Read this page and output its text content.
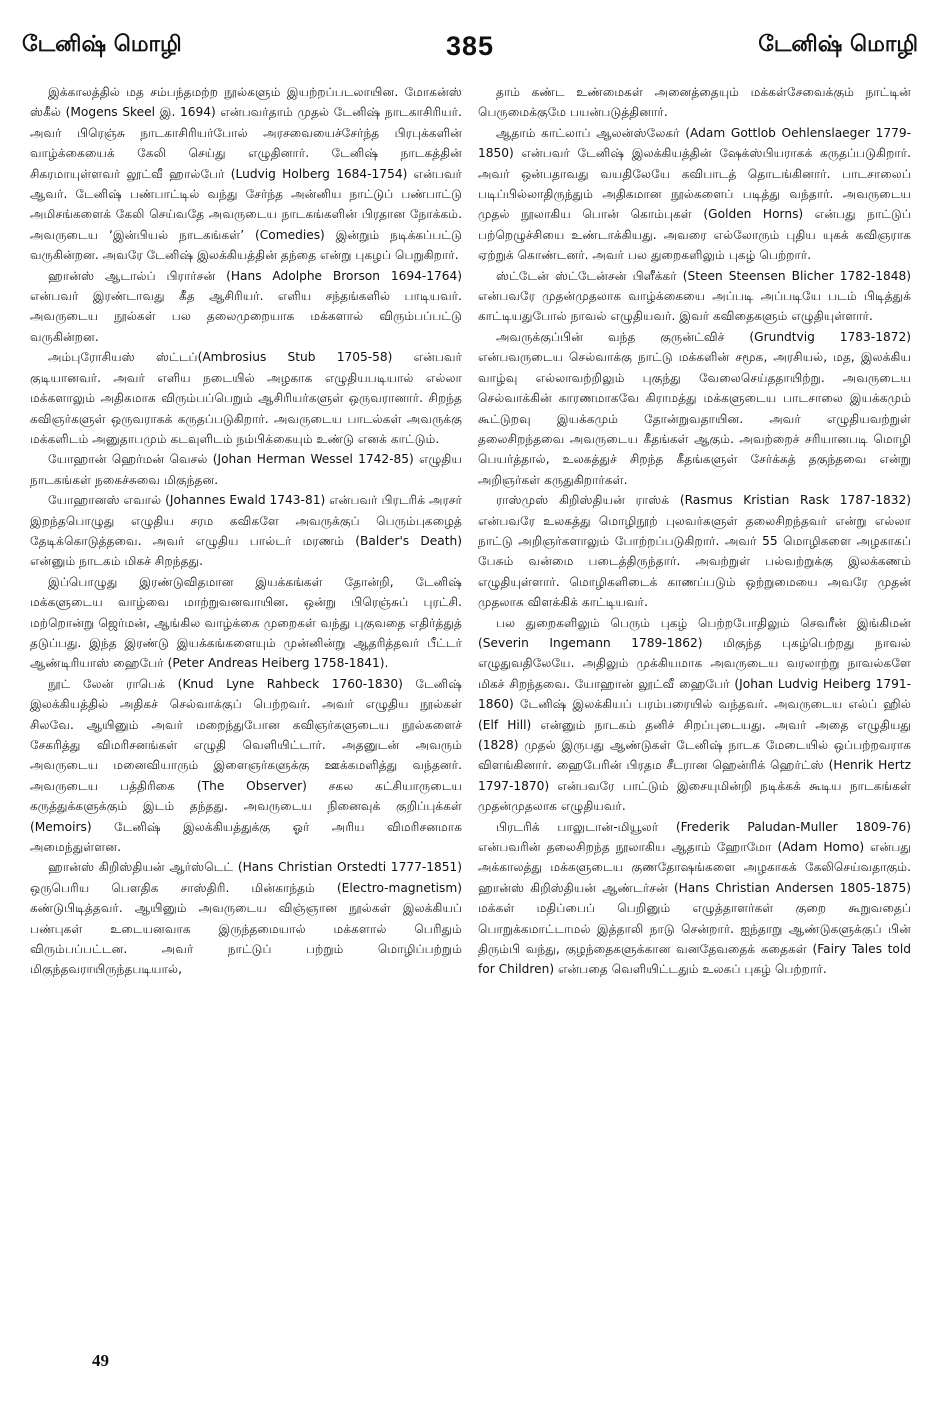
டேனிஷ் மொழி	385	டேனிஷ் மொழி

இக்காலத்தில் மத சம்பந்தமற்ற நூல்களும் இயற்றப்படலாயின. மோகன்ஸ் ஸ்கீல் (Mogens Skeel இ. 1694) என்பவர்தாம் முதல் டேனிஷ் நாடகாசிரியர். அவர் பிரெஞ்சு நாடகாசிரியர்போல் அரசவையைச்சேர்ந்த பிரபுக்களின் வாழ்க்கையைக் கேலி செய்து எழுதினார். டேனிஷ் நாடகத்தின் சிகரமாயுள்ளவர் லூட்வீ ஹால்பேர் (Ludvig Holberg 1684-1754) என்பவர் ஆவர். டேனிஷ் பண்பாட்டில் வந்து சேர்ந்த அன்னிய நாட்டுப் பண்பாட்டு அமிசங்களைக் கேலி செய்வதே அவருடைய நாடகங்களின் பிரதான நோக்கம். அவருடைய ‘இன்பியல் நாடகங்கள்’ (Comedies) இன்றும் நடிக்கப்பட்டு வருகின்றன. அவரே டேனிஷ் இலக்கியத்தின் தந்தை என்று புகழப் பெறுகிறார்.

ஹான்ஸ் ஆடால்ப் பிரார்சன் (Hans Adolphe Brorson 1694-1764) என்பவர் இரண்டாவது கீத ஆசிரியர். எளிய சந்தங்களில் பாடியவர். அவருடைய நூல்கள் பல தலைமுறையாக மக்களால் விரும்பப்பட்டு வருகின்றன.

அம்புரோசியஸ் ஸ்ட்டப்(Ambrosius Stub 1705-58) என்பவர் குடியானவர். அவர் எளிய நடையில் அழகாக எழுதியபடியால் எல்லா மக்களாலும் அதிகமாக விரும்பப்பெறும் ஆசிரியர்களுள் ஒருவரானார். சிறந்த கவிஞர்களுள் ஒருவராகக் கருதப்படுகிறார். அவருடைய பாடல்கள் அவருக்கு மக்களிடம் அனுதாபமும் கடவுளிடம் நம்பிக்கையும் உண்டு எனக் காட்டும்.

யோஹான் ஹெர்மன் வெசல் (Johan Herman Wessel 1742-85) எழுதிய நாடகங்கள் நகைச்சுவை மிகுந்தன.

யோஹானஸ் எவால் (Johannes Ewald 1743-81) என்பவர் பிரடரிக் அரசர் இறந்தபொழுது எழுதிய சரம கவிகளே அவருக்குப் பெரும்புகழைத் தேடிக்கொடுத்தவை. அவர் எழுதிய பால்டர் மரணம் (Balder's Death) என்னும் நாடகம் மிகச் சிறந்தது.

இப்பொழுது இரண்டுவிதமான இயக்கங்கள் தோன்றி, டேனிஷ் மக்களுடைய வாழ்வை மாற்றுவனவாயின. ஒன்று பிரெஞ்சுப் புரட்சி. மற்றொன்று ஜெர்மன், ஆங்கில வாழ்க்கை முறைகள் வந்து புகுவதை எதிர்த்துத் தடுப்பது. இந்த இரண்டு இயக்கங்களையும் முன்னின்று ஆதரித்தவர் பீட்டர் ஆண்டிரியாஸ் ஹைபேர் (Peter Andreas Heiberg 1758-1841).

நூட் லேன் ராபெக் (Knud Lyne Rahbeck 1760-1830) டேனிஷ் இலக்கியத்தில் அதிகச் செல்வாக்குப் பெற்றவர். அவர் எழுதிய நூல்கள் சிலவே. ஆயினும் அவர் மறைந்துபோன கவிஞர்களுடைய நூல்களைச் சேகரித்து விமரிசனங்கள் எழுதி வெளியிட்டார். அதனுடன் அவரும் அவருடைய மனைவியாரும் இளைஞர்களுக்கு ஊக்கமளித்து வந்தனர். அவருடைய பத்திரிகை (The Observer) சகல கட்சியாருடைய கருத்துக்களுக்கும் இடம் தந்தது. அவருடைய நினைவுக் குறிப்புக்கள் (Memoirs) டேனிஷ் இலக்கியத்துக்கு ஓர் அரிய விமரிசனமாக அமைந்துள்ளன.

ஹான்ஸ் கிறிஸ்தியன் ஆர்ஸ்டெட் (Hans Christian Orstedti 1777-1851) ஒருபெரிய பௌதிக சாஸ்திரி. மின்காந்தம் (Electro-magnetism) கண்டுபிடித்தவர். ஆயினும் அவருடைய விஞ்ஞான நூல்கள் இலக்கியப் பண்புகள் உடையனவாக இருந்தமையால் மக்களால் பெரிதும் விரும்பப்பட்டன. அவர் நாட்டுப் பற்றும் மொழிப்பற்றும் மிகுந்தவராயிருந்தபடியால்,

தாம் கண்ட உண்மைகள் அனைத்தையும் மக்கள்சேவைக்கும் நாட்டின் பெருமைக்குமே பயன்படுத்தினார்.

ஆதாம் காட்லாப் ஆலன்ஸ்லேகர் (Adam Gottlob Oehlenslaeger 1779-1850) என்பவர் டேனிஷ் இலக்கியத்தின் ஷேக்ஸ்பியராகக் கருதப்படுகிறார். அவர் ஒன்பதாவது வயதிலேயே கவிபாடத் தொடங்கினார். பாடசாலைப் படிப்பில்லாதிருந்தும் அதிகமான நூல்களைப் படித்து வந்தார். அவருடைய முதல் நூலாகிய பொன் கொம்புகள் (Golden Horns) என்பது நாட்டுப் பற்றெழுச்சியை உண்டாக்கியது. அவரை எல்லோரும் புதிய யுகக் கவிஞராக ஏற்றுக் கொண்டனர். அவர் பல துறைகளிலும் புகழ் பெற்றார்.

ஸ்ட்டேன் ஸ்ட்டேன்சன் பிளீக்கர் (Steen Steensen Blicher 1782-1848) என்பவரே முதன்முதலாக வாழ்க்கையை அப்படி அப்படியே படம் பிடித்துக் காட்டியதுபோல் நாவல் எழுதியவர். இவர் கவிதைகளும் எழுதியுள்ளார்.

அவருக்குப்பின் வந்த குருன்ட்விச் (Grundtvig 1783-1872) என்பவருடைய செல்வாக்கு நாட்டு மக்களின் சமூக, அரசியல், மத, இலக்கிய வாழ்வு எல்லாவற்றிலும் புகுந்து வேலைசெய்ததாயிற்று. அவருடைய செல்வாக்கின் காரணமாகவே கிராமத்து மக்களுடைய பாடசாலை இயக்கமும் கூட்டுறவு இயக்கமும் தோன்றுவதாயின. அவர் எழுதியவற்றுள் தலைசிறந்தவை அவருடைய கீதங்கள் ஆகும். அவற்றைச் சரியானபடி மொழி பெயர்த்தால், உலகத்துச் சிறந்த கீதங்களுள் சேர்க்கத் தகுந்தவை என்று அறிஞர்கள் கருதுகிறார்கள்.

ராஸ்முஸ் கிறிஸ்தியன் ராஸ்க் (Rasmus Kristian Rask 1787-1832) என்பவரே உலகத்து மொழிநூற் புலவர்களுள் தலைசிறந்தவர் என்று எல்லா நாட்டு அறிஞர்களாலும் போற்றப்படுகிறார். அவர் 55 மொழிகளை அழகாகப் பேசும் வன்மை படைத்திருந்தார். அவற்றுள் பல்வற்றுக்கு இலக்கணம் எழுதியுள்ளார். மொழிகளிடைக் காணப்படும் ஒற்றுமையை அவரே முதன் முதலாக விளக்கிக் காட்டியவர்.

பல துறைகளிலும் பெரும் புகழ் பெற்றபோதிலும் செவரீன் இங்கிமன் (Severin Ingemann 1789-1862) மிகுந்த புகழ்பெற்றது நாவல் எழுதுவதிலேயே. அதிலும் முக்கியமாக அவருடைய வரலாற்று நாவல்களே மிகச் சிறந்தவை. யோஹான் லூட்வீ ஹைபேர் (Johan Ludvig Heiberg 1791-1860) டேனிஷ் இலக்கியப் பரம்பரையில் வந்தவர். அவருடைய எல்ப் ஹில் (Elf Hill) என்னும் நாடகம் தனிச் சிறப்புடையது. அவர் அதை எழுதியது (1828) முதல் இருபது ஆண்டுகள் டேனிஷ் நாடக மேடையில் ஒப்பற்றவராக விளங்கினார். ஹைபேரின் பிரதம சீடரான ஹென்ரிக் ஹெர்ட்ஸ் (Henrik Hertz 1797-1870) என்பவரே பாட்டும் இசையுமின்றி நடிக்கக் கூடிய நாடகங்கள் முதன்முதலாக எழுதியவர்.

பிரடரிக் பாலுடான்-மியூலர் (Frederik Paludan-Muller 1809-76) என்பவரின் தலைசிறந்த நூலாகிய ஆதாம் ஹோமோ (Adam Homo) என்பது அக்காலத்து மக்களுடைய குணதோஷங்களை அழகாகக் கேலிசெய்வதாகும். ஹான்ஸ் கிறிஸ்தியன் ஆண்டர்சன் (Hans Christian Andersen 1805-1875) மக்கள் மதிப்பைப் பெறினும் எழுத்தாளர்கள் குறை கூறுவதைப் பொறுக்கமாட்டாமல் இத்தாலி நாடு சென்றார். ஐந்தாறு ஆண்டுகளுக்குப் பின் திரும்பி வந்து, குழந்தைகளுக்கான வனதேவதைக் கதைகள் (Fairy Tales told for Children) என்பதை வெளியிட்டதும் உலகப் புகழ் பெற்றார்.

49
